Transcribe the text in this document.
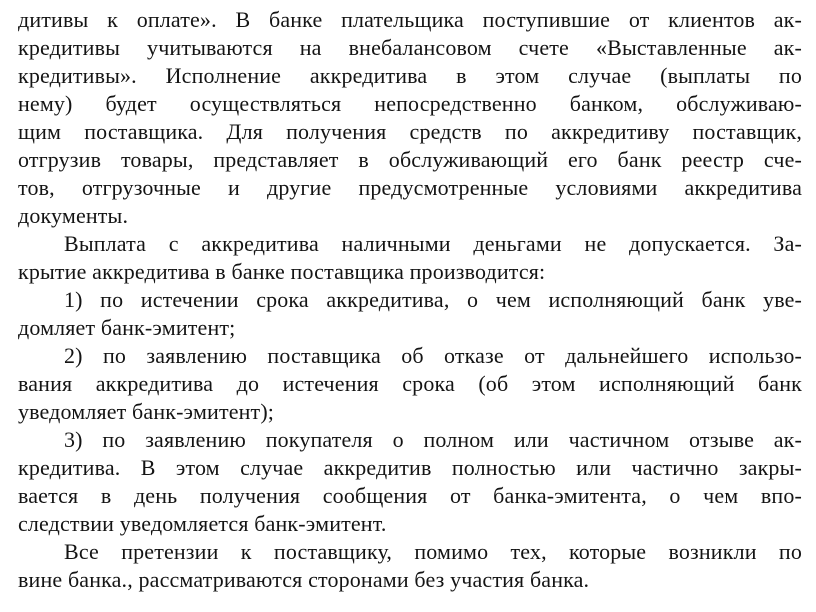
дитивы к оплате». В банке плательщика поступившие от клиентов ак-
кредитивы учитываются на внебалансовом счете «Выставленные ак-
кредитивы». Исполнение аккредитива в этом случае (выплаты по
нему) будет осуществляться непосредственно банком, обслуживаю-
щим поставщика. Для получения средств по аккредитиву поставщик,
отгрузив товары, представляет в обслуживающий его банк реестр сче-
тов, отгрузочные и другие предусмотренные условиями аккредитива
документы.
Выплата с аккредитива наличными деньгами не допускается. За-
крытие аккредитива в банке поставщика производится:
1) по истечении срока аккредитива, о чем исполняющий банк уве-
домляет банк-эмитент;
2) по заявлению поставщика об отказе от дальнейшего использо-
вания аккредитива до истечения срока (об этом исполняющий банк
уведомляет банк-эмитент);
3) по заявлению покупателя о полном или частичном отзыве ак-
кредитива. В этом случае аккредитив полностью или частично закры-
вается в день получения сообщения от банка-эмитента, о чем впо-
следствии уведомляется банк-эмитент.
Все претензии к поставщику, помимо тех, которые возникли по
вине банка., рассматриваются сторонами без участия банка.
